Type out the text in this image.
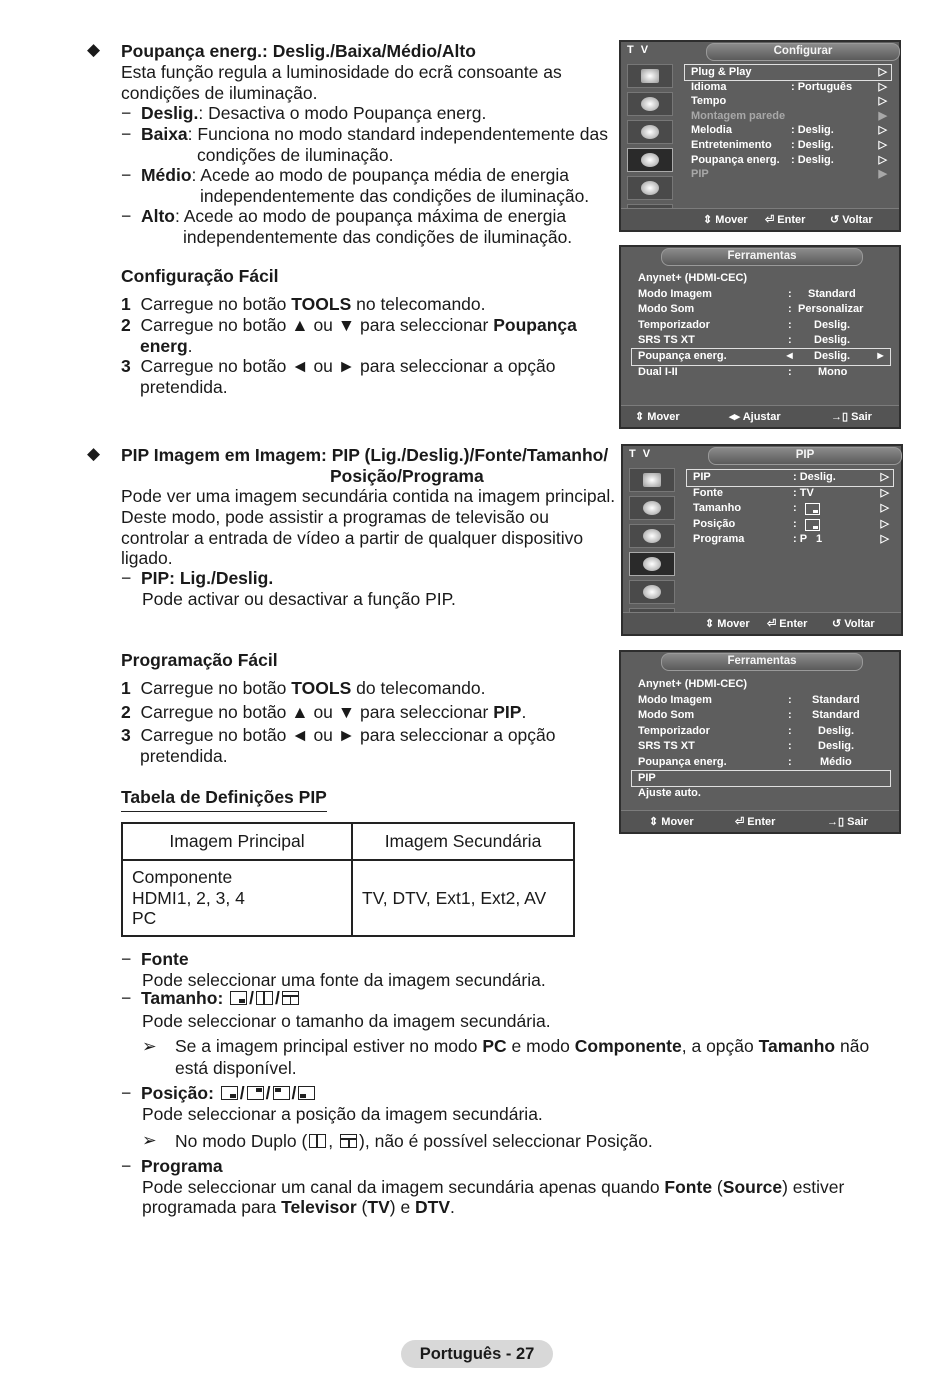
◆ Poupança energ.: Deslig./Baixa/Médio/Alto
Esta função regula a luminosidade do ecrã consoante as
condições de iluminação.
− Deslig.: Desactiva o modo Poupança energ.
− Baixa: Funciona no modo standard independentemente das
condições de iluminação.
− Médio: Acede ao modo de poupança média de energia
independentemente das condições de iluminação.
− Alto: Acede ao modo de poupança máxima de energia
independentemente das condições de iluminação.
Configuração Fácil
1 Carregue no botão TOOLS no telecomando.
2 Carregue no botão ▲ ou ▼ para seleccionar Poupança
energ.
3 Carregue no botão ◄ ou ► para seleccionar a opção
pretendida.
◆ PIP Imagem em Imagem: PIP (Lig./Deslig.)/Fonte/Tamanho/
Posição/Programa
Pode ver uma imagem secundária contida na imagem principal.
Deste modo, pode assistir a programas de televisão ou
controlar a entrada de vídeo a partir de qualquer dispositivo
ligado.
−  PIP: Lig./Deslig.
Pode activar ou desactivar a função PIP.
Programação Fácil
1 Carregue no botão TOOLS do telecomando.
2 Carregue no botão ▲ ou ▼ para seleccionar PIP.
3 Carregue no botão ◄ ou ► para seleccionar a opção
pretendida.
Tabela de Definições PIP
Imagem Principal	Imagem Secundária

Componente
HDMI1, 2, 3, 4
PC	TV, DTV, Ext1, Ext2, AV
−  Fonte
Pode seleccionar uma fonte da imagem secundária.
−  Tamanho: / /
Pode seleccionar o tamanho da imagem secundária.
➢ Se a imagem principal estiver no modo PC e modo Componente, a opção Tamanho não
está disponível.
−  Posição: / / /
Pode seleccionar a posição da imagem secundária.
➢ No modo Duplo ( ,
), não é possível seleccionar Posição.
−  Programa
Pode seleccionar um canal da imagem secundária apenas quando Fonte (Source) estiver
programada para Televisor (TV) e DTV.
T V	Configurar
Plug & Play	▷
Idioma	: Português ▷
Tempo	▷
Montagem parede	▶
Melodia	: Deslig.	▷
Entretenimento : Deslig.	▷
Poupança energ. : Deslig.	▷
PIP	▶
⇕ Mover ⏎ Enter ↺ Voltar
Ferramentas
Anynet+ (HDMI-CEC)
Modo Imagem	: Standard
Modo Som	: Personalizar
Temporizador	: Deslig.
SRS TS XT	: Deslig.
Poupança energ.	◄ Deslig. ►
Dual I-II	: Mono
⇕ Mover	◂▸ Ajustar	→▯ Sair
T V	PIP
PIP	: Deslig.	▷
Fonte	: TV	▷
Tamanho	:	▷
Posição	:	▷
Programa	: P   1	▷
⇕ Mover ⏎ Enter ↺ Voltar
Ferramentas
Anynet+ (HDMI-CEC)
Modo Imagem	: Standard
Modo Som	: Standard
Temporizador	: Deslig.
SRS TS XT	: Deslig.
Poupança energ.	:	Médio
PIP
Ajuste auto.
⇕ Mover	⏎ Enter	→▯ Sair
Português - 27
